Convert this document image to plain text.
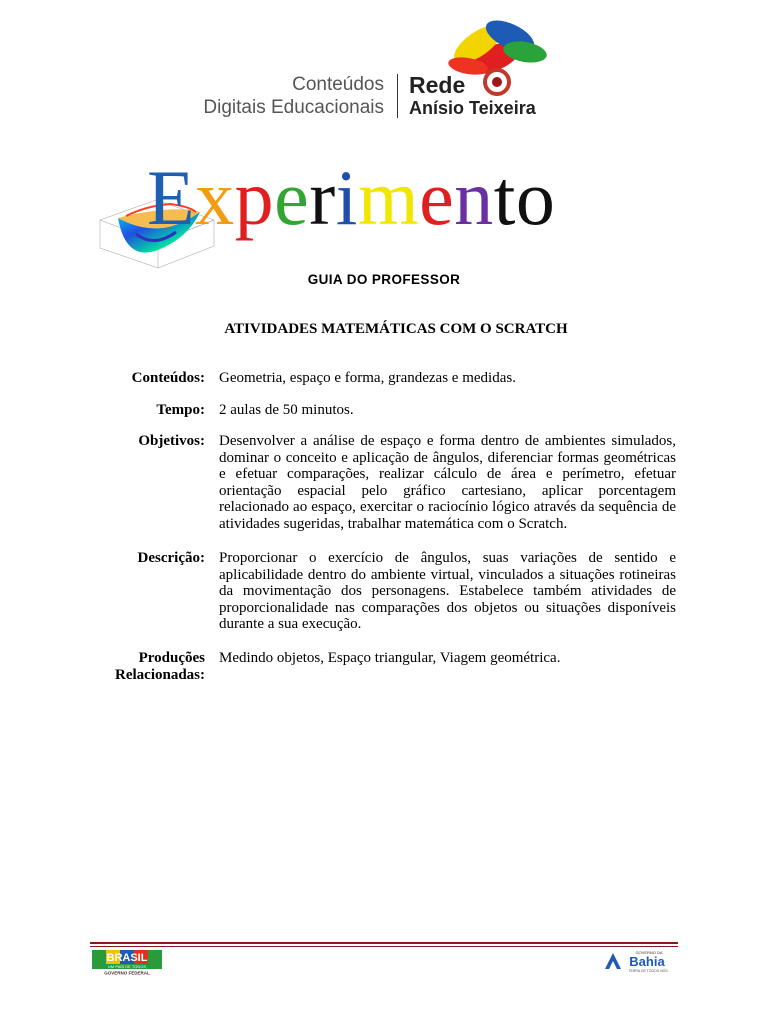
Conteúdos
Digitais Educacionais
Rede
Anísio Teixeira
Experimento
GUIA DO PROFESSOR
ATIVIDADES MATEMÁTICAS COM O SCRATCH
Conteúdos: Geometria, espaço e forma, grandezas e medidas.
Tempo: 2 aulas de 50 minutos.
Objetivos: Desenvolver a análise de espaço e forma dentro de ambientes simulados, dominar o conceito e aplicação de ângulos, diferenciar formas geométricas e efetuar comparações, realizar cálculo de área e perímetro, efetuar orientação espacial pelo gráfico cartesiano, aplicar porcentagem relacionado ao espaço, exercitar o raciocínio lógico através da sequência de atividades sugeridas, trabalhar matemática com o Scratch.
Descrição: Proporcionar o exercício de ângulos, suas variações de sentido e aplicabilidade dentro do ambiente virtual, vinculados a situações rotineiras da movimentação dos personagens. Estabelece também atividades de proporcionalidade nas comparações dos objetos ou situações disponíveis durante a sua execução.
Produções
Relacionadas:
Medindo objetos, Espaço triangular, Viagem geométrica.
BRASIL
UM PAÍS DE TODOS
GOVERNO FEDERAL
GOVERNO DA
Bahia
TERRA DE TODOS NÓS
